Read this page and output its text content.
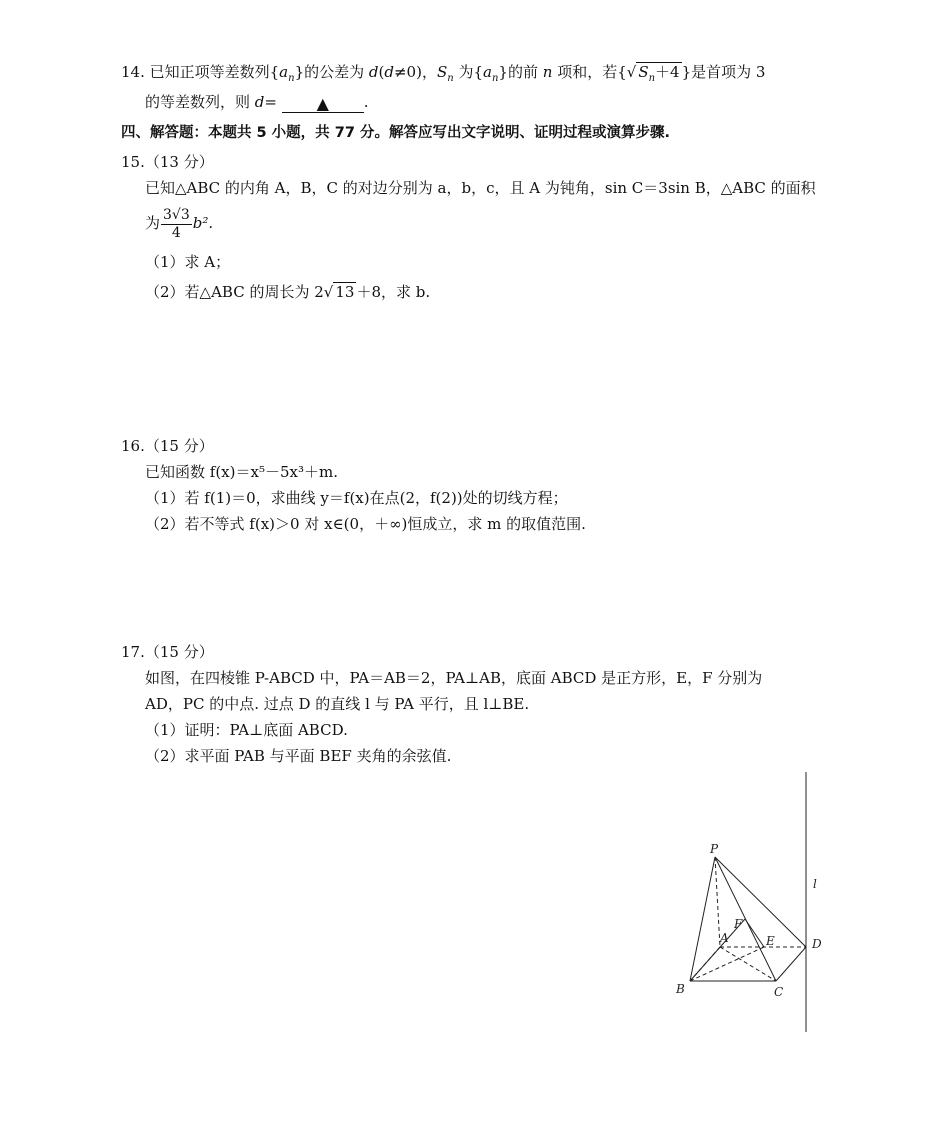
14. 已知正项等差数列$\{a_n\}$的公差为 d(d≠0)，$S_n$ 为$\{a_n\}$的前 n 项和，若{√ $S_n+4$ }是首项为 3
的等差数列，则 d= ▲ .
四、解答题：本题共 5 小题，共 77 分。解答应写出文字说明、证明过程或演算步骤.
15.（13 分）
已知△ABC 的内角 A，B，C 的对边分别为 a，b，c，且 A 为钝角，sin C＝3sin B，△ABC 的面积
为 $\frac{3√3}{4} b^2$.
（1）求 A；
（2）若△ABC 的周长为 2√ 13 ＋8，求 b.
16.（15 分）
已知函数 f(x)＝x⁵－5x³＋m.
（1）若 f(1)＝0，求曲线 y＝f(x)在点(2，f(2))处的切线方程；
（2）若不等式 f(x)＞0 对 x∈(0，＋∞)恒成立，求 m 的取值范围.
17.（15 分）
如图，在四棱锥 P-ABCD 中，PA＝AB＝2，PA⊥AB，底面 ABCD 是正方形，E，F 分别为
AD，PC 的中点. 过点 D 的直线 l 与 PA 平行，且 l⊥BE.
（1）证明：PA⊥底面 ABCD.
（2）求平面 PAB 与平面 BEF 夹角的余弦值.
P
A
F
E	D
B	C
l
